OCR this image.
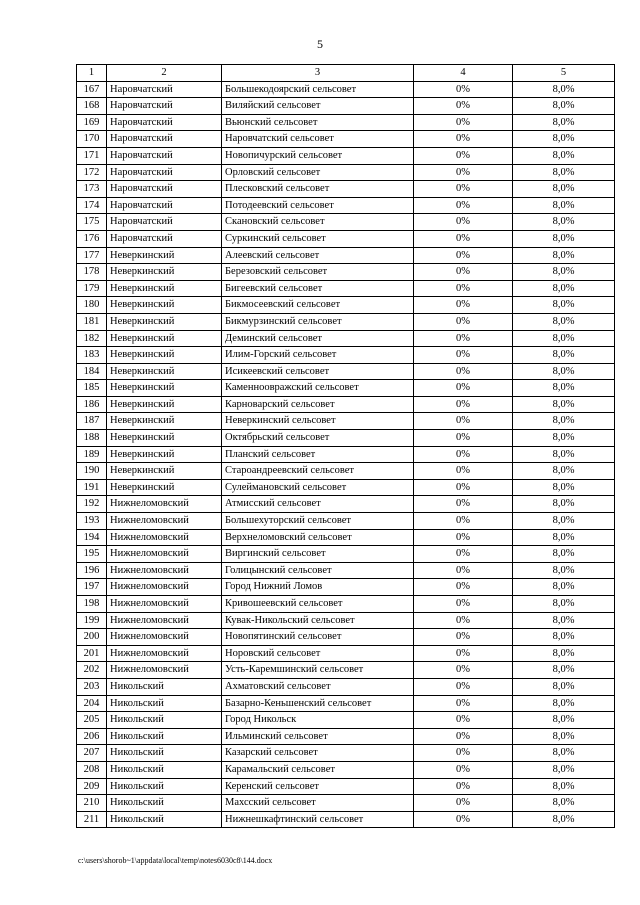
5
1	2	3	4	5
167	Наровчатский	Большекодоярский сельсовет	0%	8,0%
168	Наровчатский	Виляйский сельсовет	0%	8,0%
169	Наровчатский	Вьюнский сельсовет	0%	8,0%
170	Наровчатский	Наровчатский сельсовет	0%	8,0%
171	Наровчатский	Новопичурский сельсовет	0%	8,0%
172	Наровчатский	Орловский сельсовет	0%	8,0%
173	Наровчатский	Плесковский сельсовет	0%	8,0%
174	Наровчатский	Потодеевский сельсовет	0%	8,0%
175	Наровчатский	Скановский сельсовет	0%	8,0%
176	Наровчатский	Суркинский сельсовет	0%	8,0%
177	Неверкинский	Алеевский сельсовет	0%	8,0%
178	Неверкинский	Березовский сельсовет	0%	8,0%
179	Неверкинский	Бигеевский сельсовет	0%	8,0%
180	Неверкинский	Бикмосеевский сельсовет	0%	8,0%
181	Неверкинский	Бикмурзинский сельсовет	0%	8,0%
182	Неверкинский	Деминский сельсовет	0%	8,0%
183	Неверкинский	Илим-Горский сельсовет	0%	8,0%
184	Неверкинский	Исикеевский сельсовет	0%	8,0%
185	Неверкинский	Каменноовражский сельсовет	0%	8,0%
186	Неверкинский	Карноварский сельсовет	0%	8,0%
187	Неверкинский	Неверкинский сельсовет	0%	8,0%
188	Неверкинский	Октябрьский сельсовет	0%	8,0%
189	Неверкинский	Планский сельсовет	0%	8,0%
190	Неверкинский	Староандреевский сельсовет	0%	8,0%
191	Неверкинский	Сулеймановский сельсовет	0%	8,0%
192	Нижнеломовский	Атмисский сельсовет	0%	8,0%
193	Нижнеломовский	Большехуторский сельсовет	0%	8,0%
194	Нижнеломовский	Верхнеломовский сельсовет	0%	8,0%
195	Нижнеломовский	Виргинский сельсовет	0%	8,0%
196	Нижнеломовский	Голицынский сельсовет	0%	8,0%
197	Нижнеломовский	Город Нижний Ломов	0%	8,0%
198	Нижнеломовский	Кривошеевский сельсовет	0%	8,0%
199	Нижнеломовский	Кувак-Никольский сельсовет	0%	8,0%
200	Нижнеломовский	Новопятинский сельсовет	0%	8,0%
201	Нижнеломовский	Норовский сельсовет	0%	8,0%
202	Нижнеломовский	Усть-Каремшинский сельсовет	0%	8,0%
203	Никольский	Ахматовский сельсовет	0%	8,0%
204	Никольский	Базарно-Кеньшенский сельсовет	0%	8,0%
205	Никольский	Город Никольск	0%	8,0%
206	Никольский	Ильминский сельсовет	0%	8,0%
207	Никольский	Казарский сельсовет	0%	8,0%
208	Никольский	Карамальский сельсовет	0%	8,0%
209	Никольский	Керенский сельсовет	0%	8,0%
210	Никольский	Махсский сельсовет	0%	8,0%
211	Никольский	Нижнешкафтинский сельсовет	0%	8,0%
c:\users\shorob~1\appdata\local\temp\notes6030c8\144.docx
